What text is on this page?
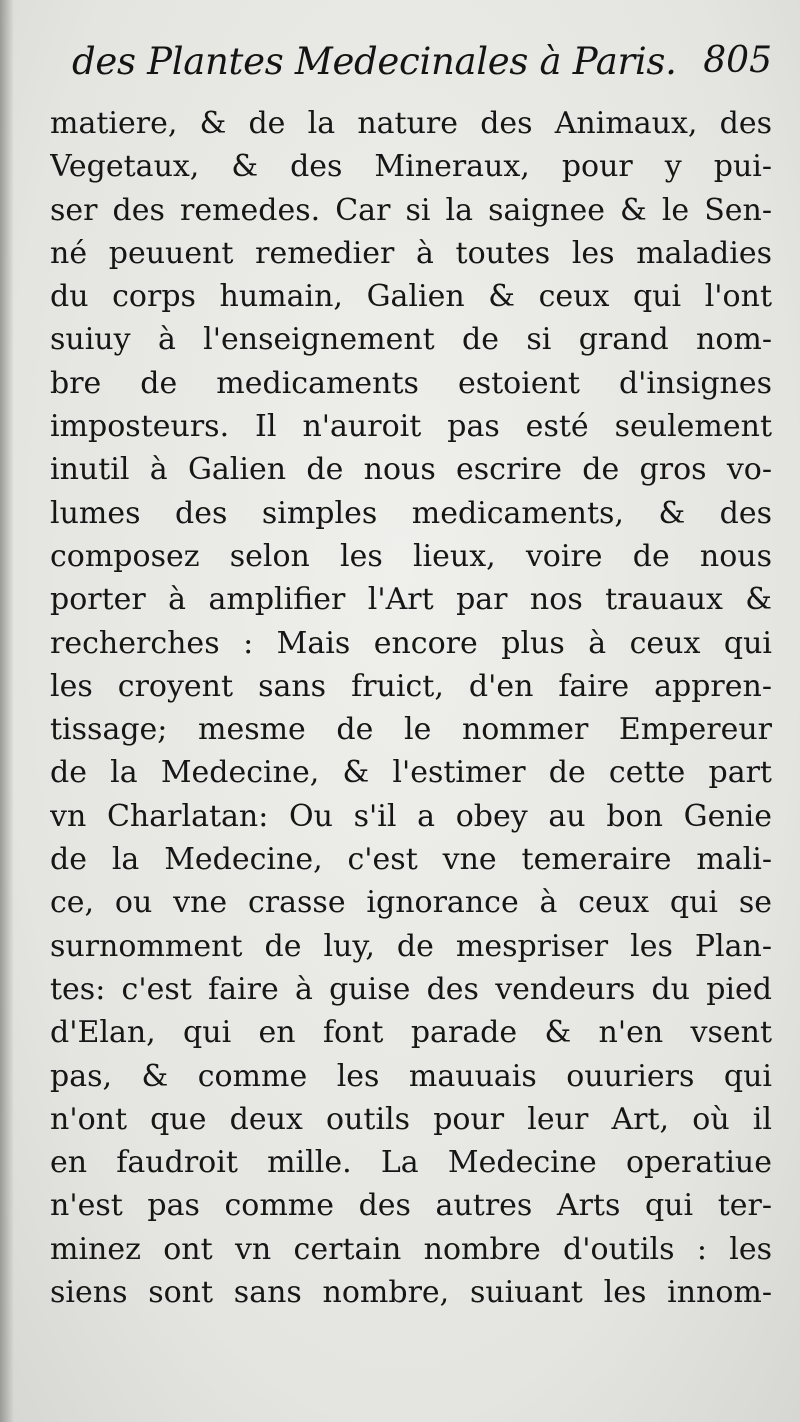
des Plantes Medecinales à Paris. 805
matiere, & de la nature des Animaux, des
Vegetaux, & des Mineraux, pour y pui-
ser des remedes. Car si la saignee & le Sen-
né peuuent remedier à toutes les maladies
du corps humain, Galien & ceux qui l'ont
suiuy à l'enseignement de si grand nom-
bre de medicaments estoient d'insignes
imposteurs. Il n'auroit pas esté seulement
inutil à Galien de nous escrire de gros vo-
lumes des simples medicaments, & des
composez selon les lieux, voire de nous
porter à amplifier l'Art par nos trauaux &
recherches : Mais encore plus à ceux qui
les croyent sans fruict, d'en faire appren-
tissage; mesme de le nommer Empereur
de la Medecine, & l'estimer de cette part
vn Charlatan: Ou s'il a obey au bon Genie
de la Medecine, c'est vne temeraire mali-
ce, ou vne crasse ignorance à ceux qui se
surnomment de luy, de mespriser les Plan-
tes: c'est faire à guise des vendeurs du pied
d'Elan, qui en font parade & n'en vsent
pas, & comme les mauuais ouuriers qui
n'ont que deux outils pour leur Art, où il
en faudroit mille. La Medecine operatiue
n'est pas comme des autres Arts qui ter-
minez ont vn certain nombre d'outils : les
siens sont sans nombre, suiuant les innom-
